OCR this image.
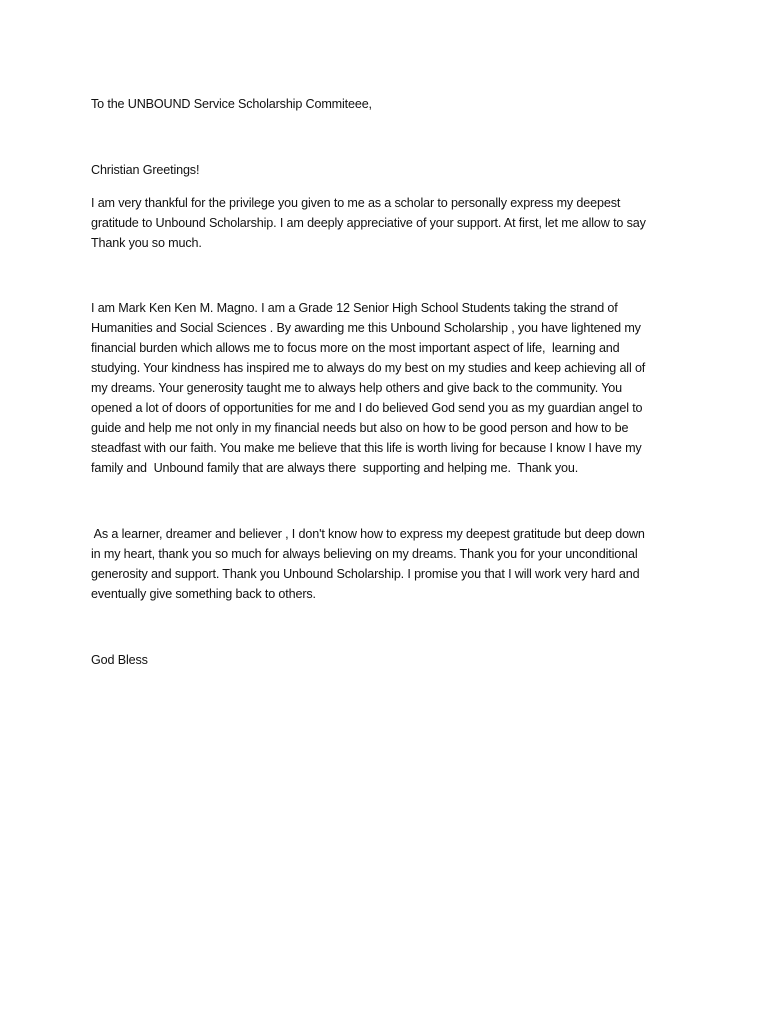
To the UNBOUND Service Scholarship Commiteee,

Christian Greetings!

I am very thankful for the privilege you given to me as a scholar to personally express my deepest

gratitude to Unbound Scholarship. I am deeply appreciative of your support. At first, let me allow to say

Thank you so much.

I am Mark Ken Ken M. Magno. I am a Grade 12 Senior High School Students taking the strand of

Humanities and Social Sciences . By awarding me this Unbound Scholarship , you have lightened my

financial burden which allows me to focus more on the most important aspect of life,  learning and

studying. Your kindness has inspired me to always do my best on my studies and keep achieving all of

my dreams. Your generosity taught me to always help others and give back to the community. You

opened a lot of doors of opportunities for me and I do believed God send you as my guardian angel to

guide and help me not only in my financial needs but also on how to be good person and how to be

steadfast with our faith. You make me believe that this life is worth living for because I know I have my

family and  Unbound family that are always there  supporting and helping me.  Thank you.

As a learner, dreamer and believer , I don't know how to express my deepest gratitude but deep down

in my heart, thank you so much for always believing on my dreams. Thank you for your unconditional

generosity and support. Thank you Unbound Scholarship. I promise you that I will work very hard and

eventually give something back to others.

God Bless
